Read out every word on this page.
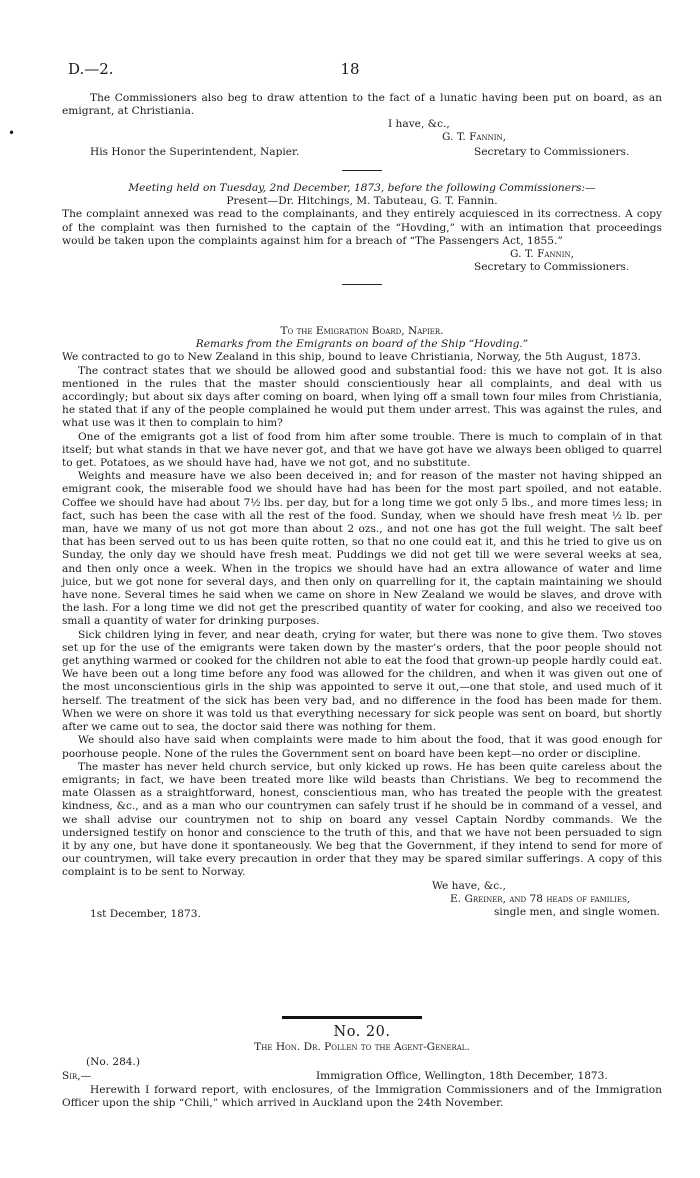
D.—2.	18
•

The Commissioners also beg to draw attention to the fact of a lunatic having been put on board, as an emigrant, at Christiania.

I have, &c.,
G. T. Fannin,
His Honor the Superintendent, Napier.	Secretary to Commissioners.

Meeting held on Tuesday, 2nd December, 1873, before the following Commissioners:—

Present—Dr. Hitchings, M. Tabuteau, G. T. Fannin.

The complaint annexed was read to the complainants, and they entirely acquiesced in its correctness. A copy of the complaint was then furnished to the captain of the “Hovding,” with an intimation that proceedings would be taken upon the complaints against him for a breach of “The Passengers Act, 1855.”

G. T. Fannin,
Secretary to Commissioners.

To the Emigration Board, Napier.

Remarks from the Emigrants on board of the Ship “Hovding.”

We contracted to go to New Zealand in this ship, bound to leave Christiania, Norway, the 5th August, 1873.

The contract states that we should be allowed good and substantial food: this we have not got. It is also mentioned in the rules that the master should conscientiously hear all complaints, and deal with us accordingly; but about six days after coming on board, when lying off a small town four miles from Christiania, he stated that if any of the people complained he would put them under arrest. This was against the rules, and what use was it then to complain to him?

One of the emigrants got a list of food from him after some trouble. There is much to complain of in that itself; but what stands in that we have never got, and that we have got have we always been obliged to quarrel to get. Potatoes, as we should have had, have we not got, and no substitute.

Weights and measure have we also been deceived in; and for reason of the master not having shipped an emigrant cook, the miserable food we should have had has been for the most part spoiled, and not eatable. Coffee we should have had about 7½ lbs. per day, but for a long time we got only 5 lbs., and more times less; in fact, such has been the case with all the rest of the food. Sunday, when we should have fresh meat ½ lb. per man, have we many of us not got more than about 2 ozs., and not one has got the full weight. The salt beef that has been served out to us has been quite rotten, so that no one could eat it, and this he tried to give us on Sunday, the only day we should have fresh meat. Puddings we did not get till we were several weeks at sea, and then only once a week. When in the tropics we should have had an extra allowance of water and lime juice, but we got none for several days, and then only on quarrelling for it, the captain maintaining we should have none. Several times he said when we came on shore in New Zealand we would be slaves, and drove with the lash. For a long time we did not get the prescribed quantity of water for cooking, and also we received too small a quantity of water for drinking purposes.

Sick children lying in fever, and near death, crying for water, but there was none to give them. Two stoves set up for the use of the emigrants were taken down by the master’s orders, that the poor people should not get anything warmed or cooked for the children not able to eat the food that grown-up people hardly could eat. We have been out a long time before any food was allowed for the children, and when it was given out one of the most unconscientious girls in the ship was appointed to serve it out,—one that stole, and used much of it herself. The treatment of the sick has been very bad, and no difference in the food has been made for them. When we were on shore it was told us that everything necessary for sick people was sent on board, but shortly after we came out to sea, the doctor said there was nothing for them.

We should also have said when complaints were made to him about the food, that it was good enough for poorhouse people. None of the rules the Government sent on board have been kept—no order or discipline.

The master has never held church service, but only kicked up rows. He has been quite careless about the emigrants; in fact, we have been treated more like wild beasts than Christians. We beg to recommend the mate Olassen as a straightforward, honest, conscientious man, who has treated the people with the greatest kindness, &c., and as a man who our countrymen can safely trust if he should be in command of a vessel, and we shall advise our countrymen not to ship on board any vessel Captain Nordby commands. We the undersigned testify on honor and conscience to the truth of this, and that we have not been persuaded to sign it by any one, but have done it spontaneously. We beg that the Government, if they intend to send for more of our countrymen, will take every precaution in order that they may be spared similar sufferings. A copy of this complaint is to be sent to Norway.

We have, &c.,
E. Greiner, and 78 heads of families,
1st December, 1873.	single men, and single women.

No. 20.

The Hon. Dr. Pollen to the Agent-General.

(No. 284.)

Sir,—	Immigration Office, Wellington, 18th December, 1873.

Herewith I forward report, with enclosures, of the Immigration Commissioners and of the Immigration Officer upon the ship “Chili,” which arrived in Auckland upon the 24th November.
